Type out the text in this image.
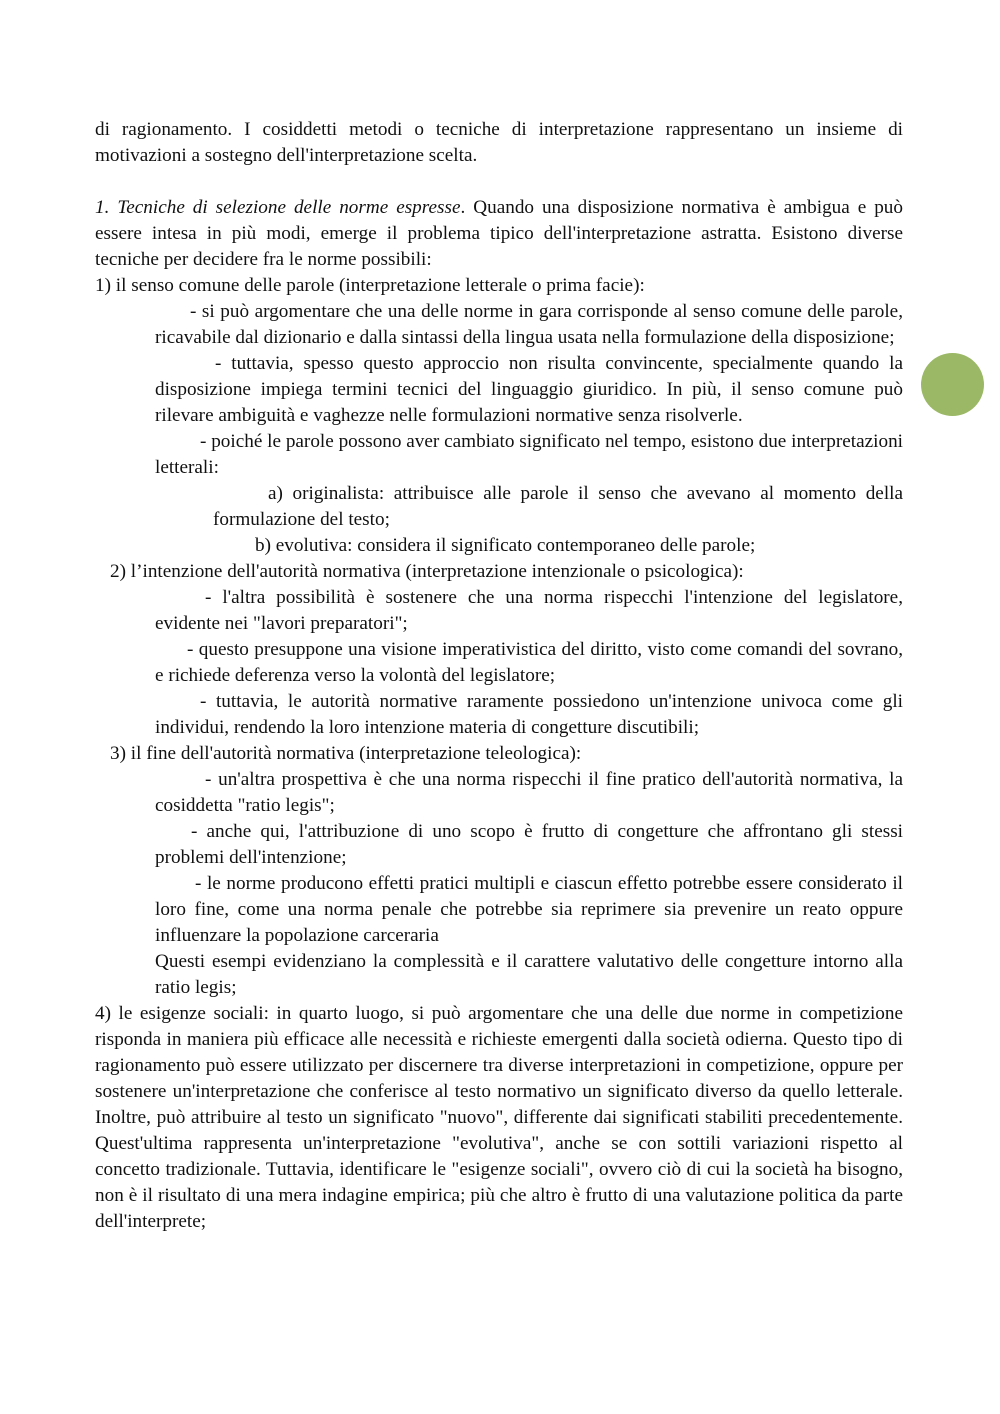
di ragionamento. I cosiddetti metodi o tecniche di interpretazione rappresentano un insieme di motivazioni a sostegno dell'interpretazione scelta.

1. Tecniche di selezione delle norme espresse. Quando una disposizione normativa è ambigua e può essere intesa in più modi, emerge il problema tipico dell'interpretazione astratta. Esistono diverse tecniche per decidere fra le norme possibili:

1) il senso comune delle parole (interpretazione letterale o prima facie):

- si può argomentare che una delle norme in gara corrisponde al senso comune delle parole, ricavabile dal dizionario e dalla sintassi della lingua usata nella formulazione della disposizione;

- tuttavia, spesso questo approccio non risulta convincente, specialmente quando la disposizione impiega termini tecnici del linguaggio giuridico. In più, il senso comune può rilevare ambiguità e vaghezze nelle formulazioni normative senza risolverle.

- poiché le parole possono aver cambiato significato nel tempo, esistono due interpretazioni letterali:

a) originalista: attribuisce alle parole il senso che avevano al momento della formulazione del testo;

b) evolutiva: considera il significato contemporaneo delle parole;

2) l’intenzione dell'autorità normativa (interpretazione intenzionale o psicologica):

- l'altra possibilità è sostenere che una norma rispecchi l'intenzione del legislatore, evidente nei "lavori preparatori";

- questo presuppone una visione imperativistica del diritto, visto come comandi del sovrano, e richiede deferenza verso la volontà del legislatore;

- tuttavia, le autorità normative raramente possiedono un'intenzione univoca come gli individui, rendendo la loro intenzione materia di congetture discutibili;

3) il fine dell'autorità normativa (interpretazione teleologica):

- un'altra prospettiva è che una norma rispecchi il fine pratico dell'autorità normativa, la cosiddetta "ratio legis";

- anche qui, l'attribuzione di uno scopo è frutto di congetture che affrontano gli stessi problemi dell'intenzione;

- le norme producono effetti pratici multipli e ciascun effetto potrebbe essere considerato il loro fine, come una norma penale che potrebbe sia reprimere sia prevenire un reato oppure influenzare la popolazione carceraria

Questi esempi evidenziano la complessità e il carattere valutativo delle congetture intorno alla ratio legis;

4) le esigenze sociali: in quarto luogo, si può argomentare che una delle due norme in competizione risponda in maniera più efficace alle necessità e richieste emergenti dalla società odierna. Questo tipo di ragionamento può essere utilizzato per discernere tra diverse interpretazioni in competizione, oppure per sostenere un'interpretazione che conferisce al testo normativo un significato diverso da quello letterale. Inoltre, può attribuire al testo un significato "nuovo", differente dai significati stabiliti precedentemente. Quest'ultima rappresenta un'interpretazione "evolutiva", anche se con sottili variazioni rispetto al concetto tradizionale. Tuttavia, identificare le "esigenze sociali", ovvero ciò di cui la società ha bisogno, non è il risultato di una mera indagine empirica; più che altro è frutto di una valutazione politica da parte dell'interprete;
